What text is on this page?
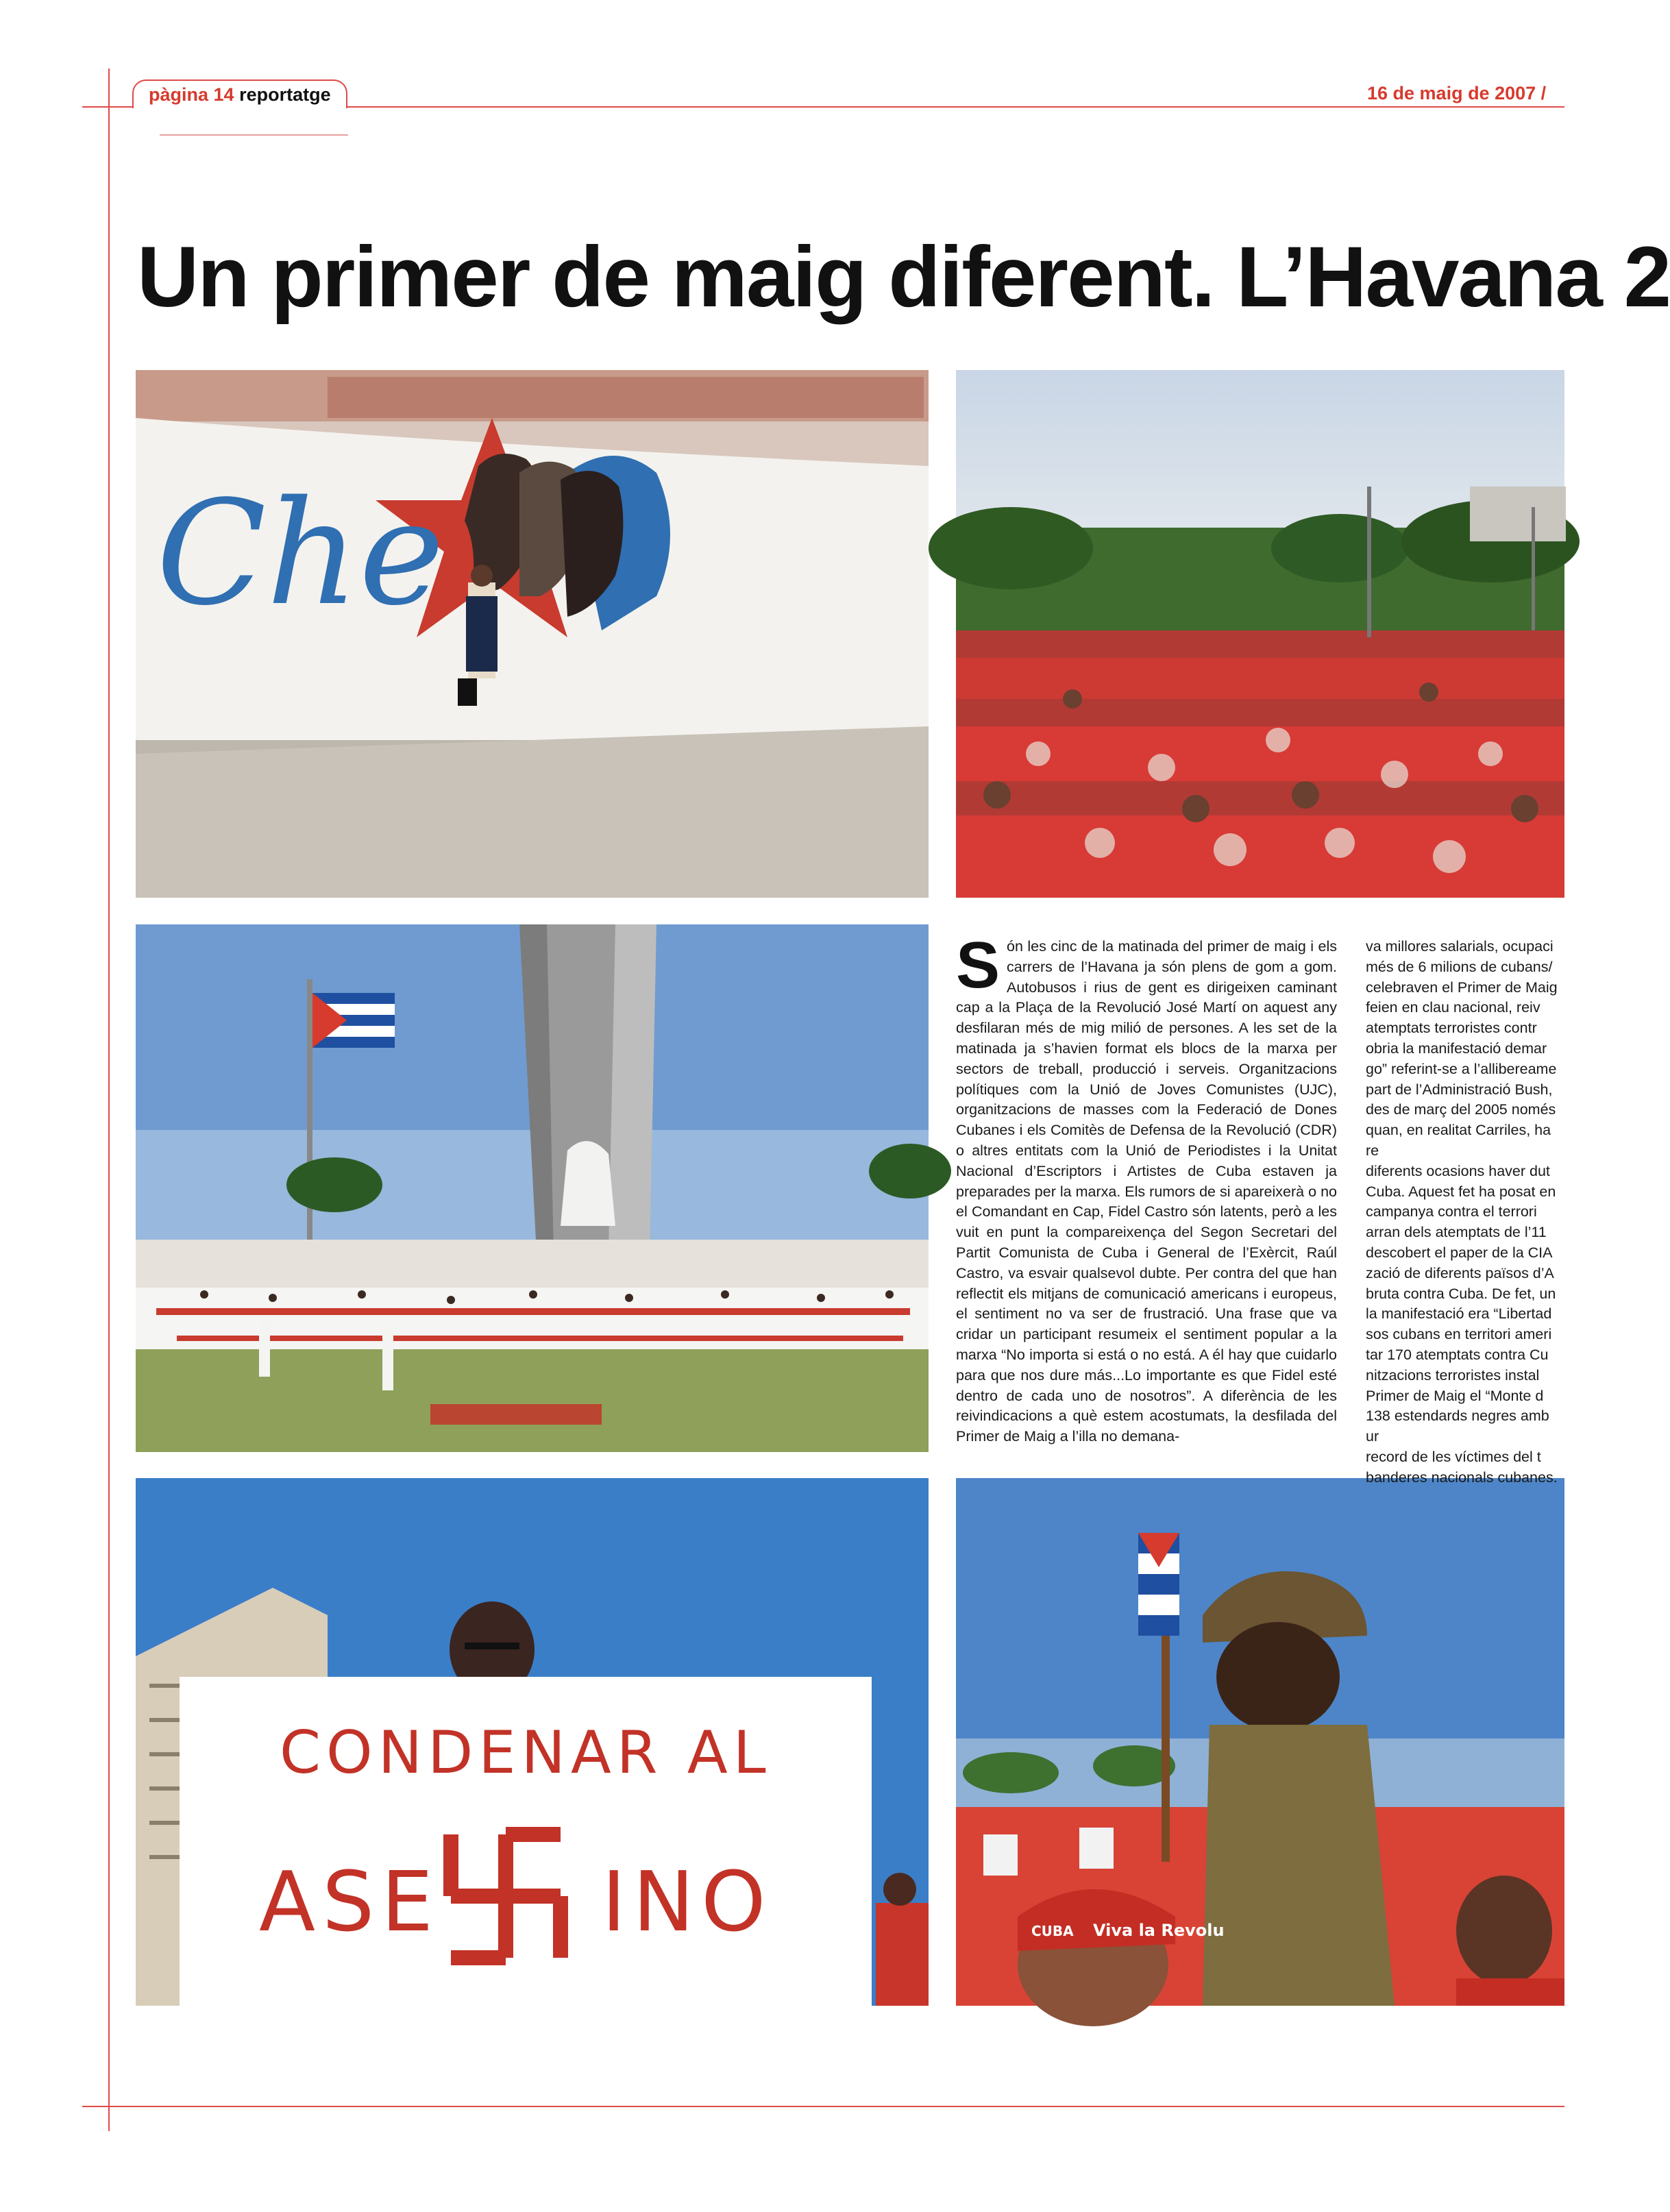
pàgina 14 reportatge	16 de maig de 2007 /
Un primer de maig diferent. L’Havana 2
Che
CONDENAR AL
ASE INO	Viva la Revolu
CUBA
S ón les cinc de la matinada del primer de maig i els carrers de l’Havana ja són plens de gom a gom. Autobusos i rius de gent es dirigeixen caminant cap a la Plaça de la Revolució José Martí on aquest any desfilaran més de mig milió de persones. A les set de la matinada ja s’havien format els blocs de la marxa per sectors de treball, producció i serveis. Organitzacions polítiques com la Unió de Joves Comunistes (UJC), organitzacions de masses com la Federació de Dones Cubanes i els Comitès de Defensa de la Revolució (CDR) o altres entitats com la Unió de Periodistes i la Unitat Nacional d’Escriptors i Artistes de Cuba estaven ja preparades per la marxa. Els rumors de si apareixerà o no el Comandant en Cap, Fidel Castro són latents, però a les vuit en punt la compareixença del Segon Secretari del Partit Comunista de Cuba i General de l’Exèrcit, Raúl Castro, va esvair qualsevol dubte. Per contra del que han reflectit els mitjans de comunicació americans i europeus, el sentiment no va ser de frustració. Una frase que va cridar un participant resumeix el sentiment popular a la marxa “No importa si está o no está. A él hay que cuidarlo para que nos dure más...Lo importante es que Fidel esté dentro de cada uno de nosotros”. A diferència de les reivindicacions a què estem acostumats, la desfilada del Primer de Maig a l’illa no demana-
va millores salarials, ocupaci
més de 6 milions de cubans/
celebraven el Primer de Maig
feien en clau nacional, reiv
atemptats terroristes contr
obria la manifestació demar
go” referint-se a l’allibereame
part de l’Administració Bush,
des de març del 2005 només
quan, en realitat Carriles, ha re
diferents ocasions haver dut
Cuba. Aquest fet ha posat en
campanya contra el terrori
arran dels atemptats de l’11
descobert el paper de la CIA
zació de diferents països d’A
bruta contra Cuba. De fet, un
la manifestació era “Libertad
sos cubans en territori ameri
tar 170 atemptats contra Cu
nitzacions terroristes instal
Primer de Maig el “Monte d
138 estendards negres amb ur
record de les víctimes del t
banderes nacionals cubanes.
